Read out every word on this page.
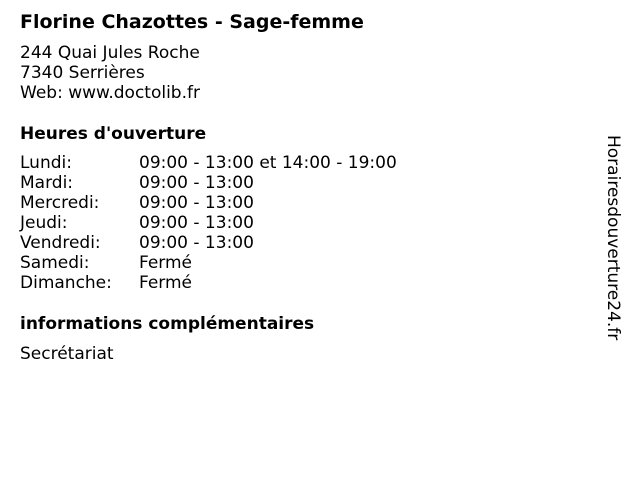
Florine Chazottes - Sage-femme
244 Quai Jules Roche
7340 Serrières
Web: www.doctolib.fr
Heures d'ouverture
Lundi:	09:00 - 13:00 et 14:00 - 19:00
Mardi:	09:00 - 13:00
Mercredi: 09:00 - 13:00
Jeudi:	09:00 - 13:00
Vendredi: 09:00 - 13:00
Samedi:	Fermé
Dimanche: Fermé
informations complémentaires
Secrétariat
Horairesdouverture24.fr
